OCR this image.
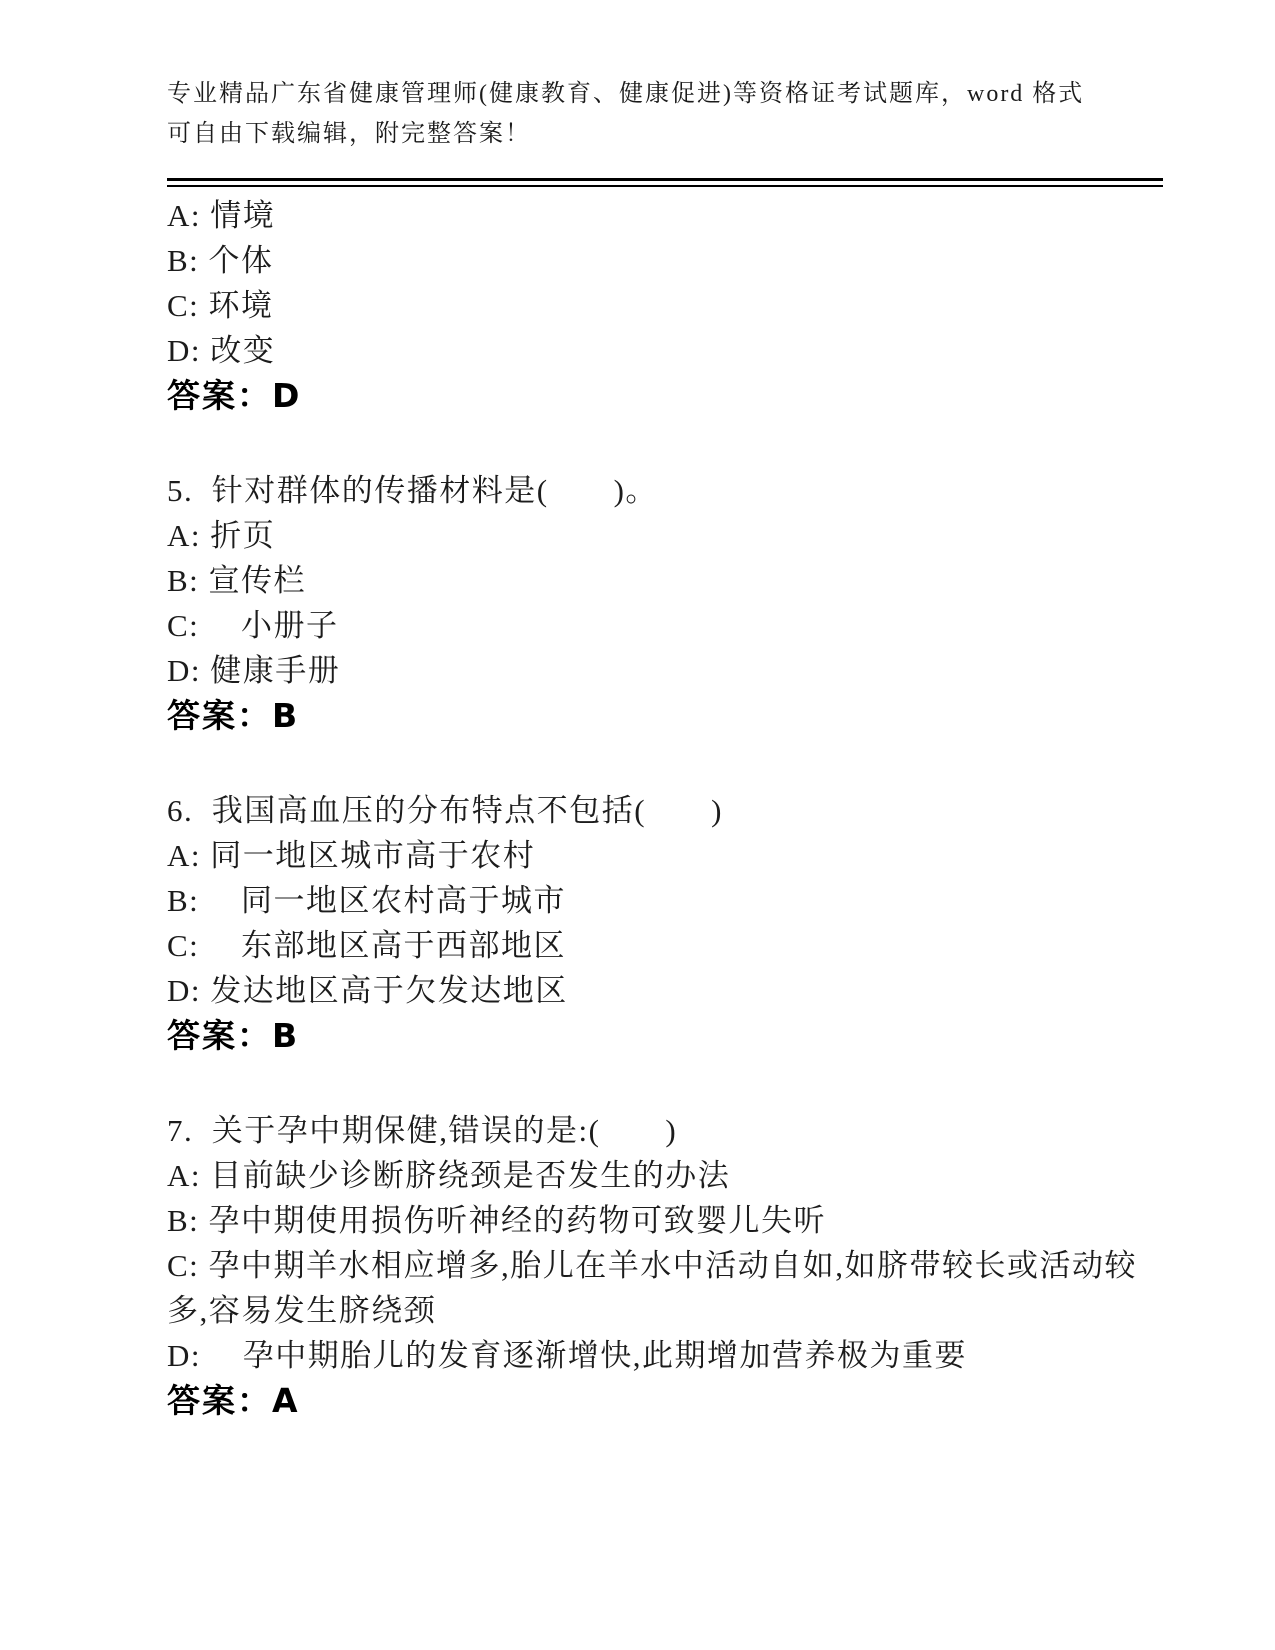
专业精品广东省健康管理师(健康教育、健康促进)等资格证考试题库，word 格式
可自由下载编辑，附完整答案！
A: 情境
B: 个体
C: 环境
D: 改变
答案：D
5.  针对群体的传播材料是(　　)。
A: 折页
B: 宣传栏
C: 　小册子
D: 健康手册
答案：B
6.  我国高血压的分布特点不包括(　　)
A: 同一地区城市高于农村
B: 　同一地区农村高于城市
C: 　东部地区高于西部地区
D: 发达地区高于欠发达地区
答案：B
7.  关于孕中期保健,错误的是:(　　)
A: 目前缺少诊断脐绕颈是否发生的办法
B: 孕中期使用损伤听神经的药物可致婴儿失听
C: 孕中期羊水相应增多,胎儿在羊水中活动自如,如脐带较长或活动较多,容易发生脐绕颈
D: 　孕中期胎儿的发育逐渐增快,此期增加营养极为重要
答案：A
